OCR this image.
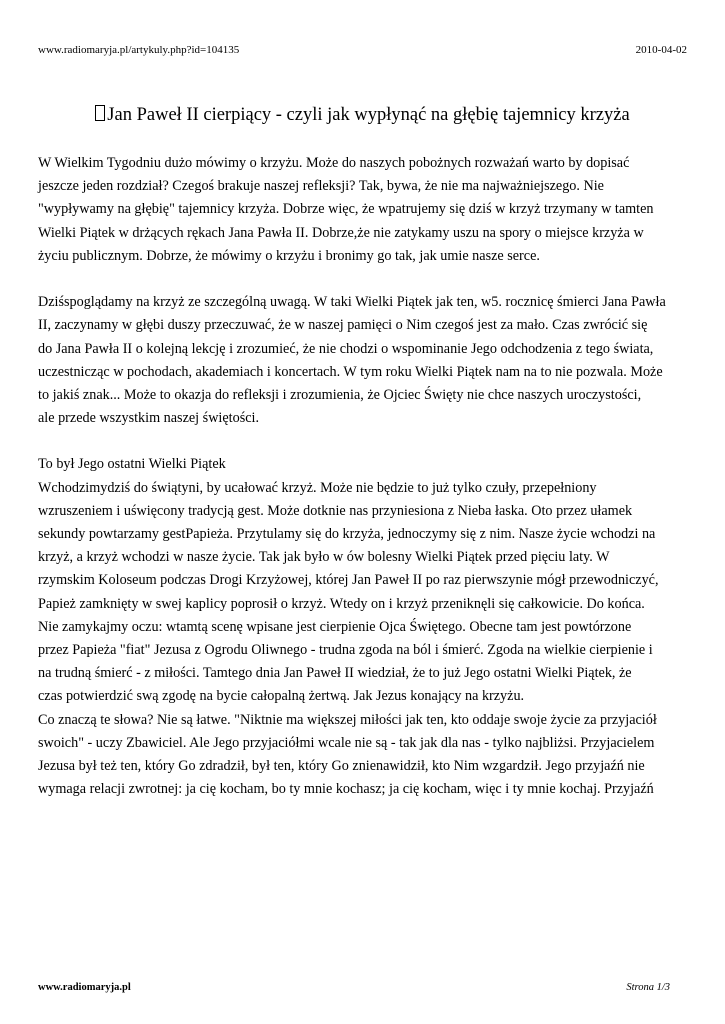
www.radiomaryja.pl/artykuly.php?id=104135	2010-04-02
Jan Paweł II cierpiący - czyli jak wypłynąć na głębię tajemnicy krzyża
W Wielkim Tygodniu dużo mówimy o krzyżu. Może do naszych pobożnych rozważań warto by dopisać
jeszcze jeden rozdział? Czegoś brakuje naszej refleksji? Tak, bywa, że nie ma najważniejszego. Nie
"wypływamy na głębię" tajemnicy krzyża. Dobrze więc, że wpatrujemy się dziś w krzyż trzymany w tamten
Wielki Piątek w drżących rękach Jana Pawła II. Dobrze,że nie zatykamy uszu na spory o miejsce krzyża w
życiu publicznym. Dobrze, że mówimy o krzyżu i bronimy go tak, jak umie nasze serce.
Dziśspoglądamy na krzyż ze szczególną uwagą. W taki Wielki Piątek jak ten, w5. rocznicę śmierci Jana Pawła
II, zaczynamy w głębi duszy przeczuwać, że w naszej pamięci o Nim czegoś jest za mało. Czas zwrócić się
do Jana Pawła II o kolejną lekcję i zrozumieć, że nie chodzi o wspominanie Jego odchodzenia z tego świata,
uczestnicząc w pochodach, akademiach i koncertach. W tym roku Wielki Piątek nam na to nie pozwala. Może
to jakiś znak... Może to okazja do refleksji i zrozumienia, że Ojciec Święty nie chce naszych uroczystości,
ale przede wszystkim naszej świętości.
To był Jego ostatni Wielki Piątek
Wchodzimydziś do świątyni, by ucałować krzyż. Może nie będzie to już tylko czuły, przepełniony
wzruszeniem i uświęcony tradycją gest. Może dotknie nas przyniesiona z Nieba łaska. Oto przez ułamek
sekundy powtarzamy gestPapieża. Przytulamy się do krzyża, jednoczymy się z nim. Nasze życie wchodzi na
krzyż, a krzyż wchodzi w nasze życie. Tak jak było w ów bolesny Wielki Piątek przed pięciu laty. W
rzymskim Koloseum podczas Drogi Krzyżowej, której Jan Paweł II po raz pierwszynie mógł przewodniczyć,
Papież zamknięty w swej kaplicy poprosił o krzyż. Wtedy on i krzyż przeniknęli się całkowicie. Do końca.
Nie zamykajmy oczu: wtamtą scenę wpisane jest cierpienie Ojca Świętego. Obecne tam jest powtórzone
przez Papieża "fiat" Jezusa z Ogrodu Oliwnego - trudna zgoda na ból i śmierć. Zgoda na wielkie cierpienie i
na trudną śmierć - z miłości. Tamtego dnia Jan Paweł II wiedział, że to już Jego ostatni Wielki Piątek, że
czas potwierdzić swą zgodę na bycie całopalną żertwą. Jak Jezus konający na krzyżu.
Co znaczą te słowa? Nie są łatwe. "Niktnie ma większej miłości jak ten, kto oddaje swoje życie za przyjaciół
swoich" - uczy Zbawiciel. Ale Jego przyjaciółmi wcale nie są - tak jak dla nas - tylko najbliżsi. Przyjacielem
Jezusa był też ten, który Go zdradził, był ten, który Go znienawidził, kto Nim wzgardził. Jego przyjaźń nie
wymaga relacji zwrotnej: ja cię kocham, bo ty mnie kochasz; ja cię kocham, więc i ty mnie kochaj. Przyjaźń
www.radiomaryja.pl	Strona 1/3
